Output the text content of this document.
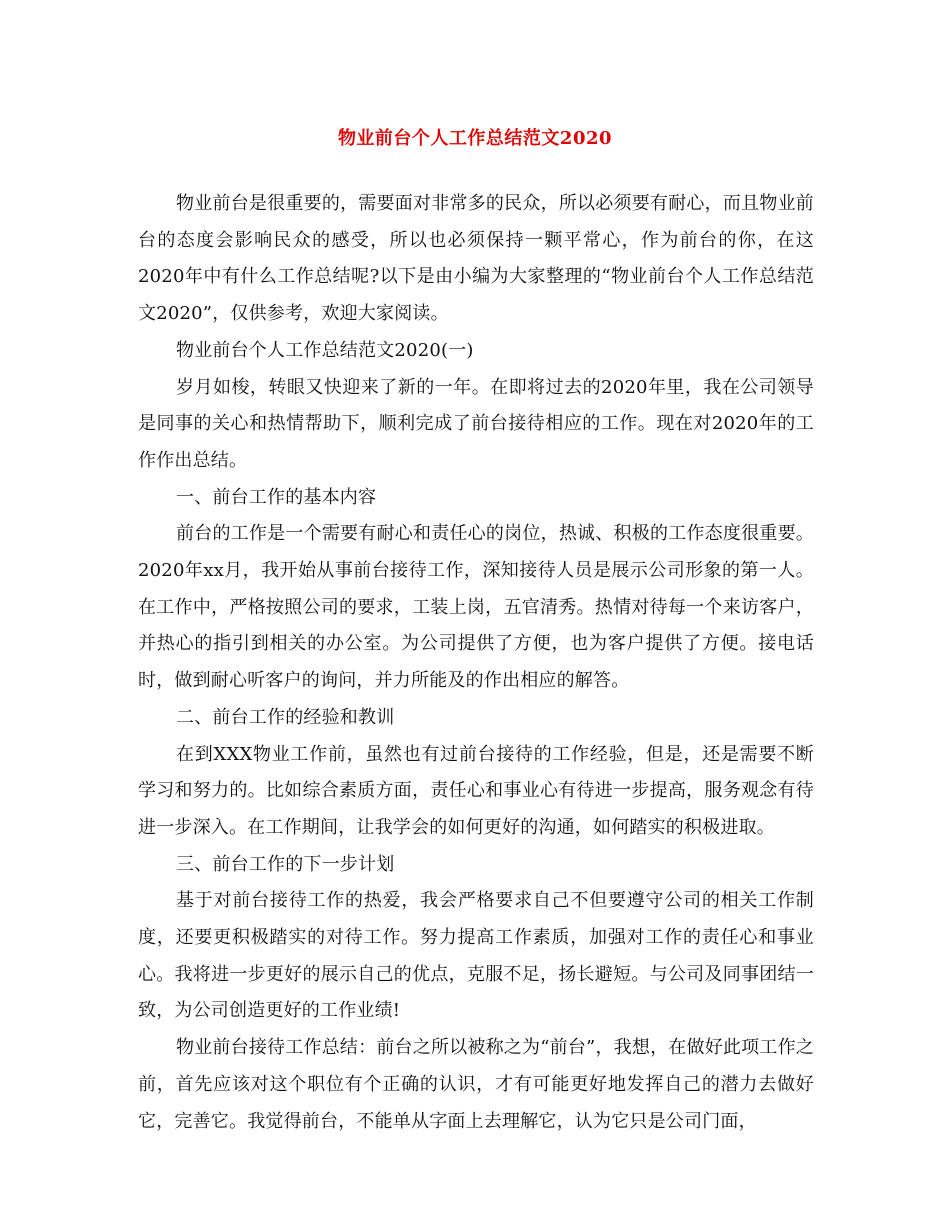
物业前台个人工作总结范文2020

物业前台是很重要的，需要面对非常多的民众，所以必须要有耐心，而且物业前台的态度会影响民众的感受，所以也必须保持一颗平常心，作为前台的你，在这2020年中有什么工作总结呢?以下是由小编为大家整理的“物业前台个人工作总结范文2020”，仅供参考，欢迎大家阅读。

物业前台个人工作总结范文2020(一)

岁月如梭，转眼又快迎来了新的一年。在即将过去的2020年里，我在公司领导是同事的关心和热情帮助下，顺利完成了前台接待相应的工作。现在对2020年的工作作出总结。

一、前台工作的基本内容

前台的工作是一个需要有耐心和责任心的岗位，热诚、积极的工作态度很重要。2020年xx月，我开始从事前台接待工作，深知接待人员是展示公司形象的第一人。在工作中，严格按照公司的要求，工装上岗，五官清秀。热情对待每一个来访客户，并热心的指引到相关的办公室。为公司提供了方便，也为客户提供了方便。接电话时，做到耐心听客户的询问，并力所能及的作出相应的解答。

二、前台工作的经验和教训

在到XXX物业工作前，虽然也有过前台接待的工作经验，但是，还是需要不断学习和努力的。比如综合素质方面，责任心和事业心有待进一步提高，服务观念有待进一步深入。在工作期间，让我学会的如何更好的沟通，如何踏实的积极进取。

三、前台工作的下一步计划

基于对前台接待工作的热爱，我会严格要求自己不但要遵守公司的相关工作制度，还要更积极踏实的对待工作。努力提高工作素质，加强对工作的责任心和事业心。我将进一步更好的展示自己的优点，克服不足，扬长避短。与公司及同事团结一致，为公司创造更好的工作业绩!

物业前台接待工作总结：前台之所以被称之为“前台”，我想，在做好此项工作之前，首先应该对这个职位有个正确的认识，才有可能更好地发挥自己的潜力去做好它，完善它。我觉得前台，不能单从字面上去理解它，认为它只是公司门面，
